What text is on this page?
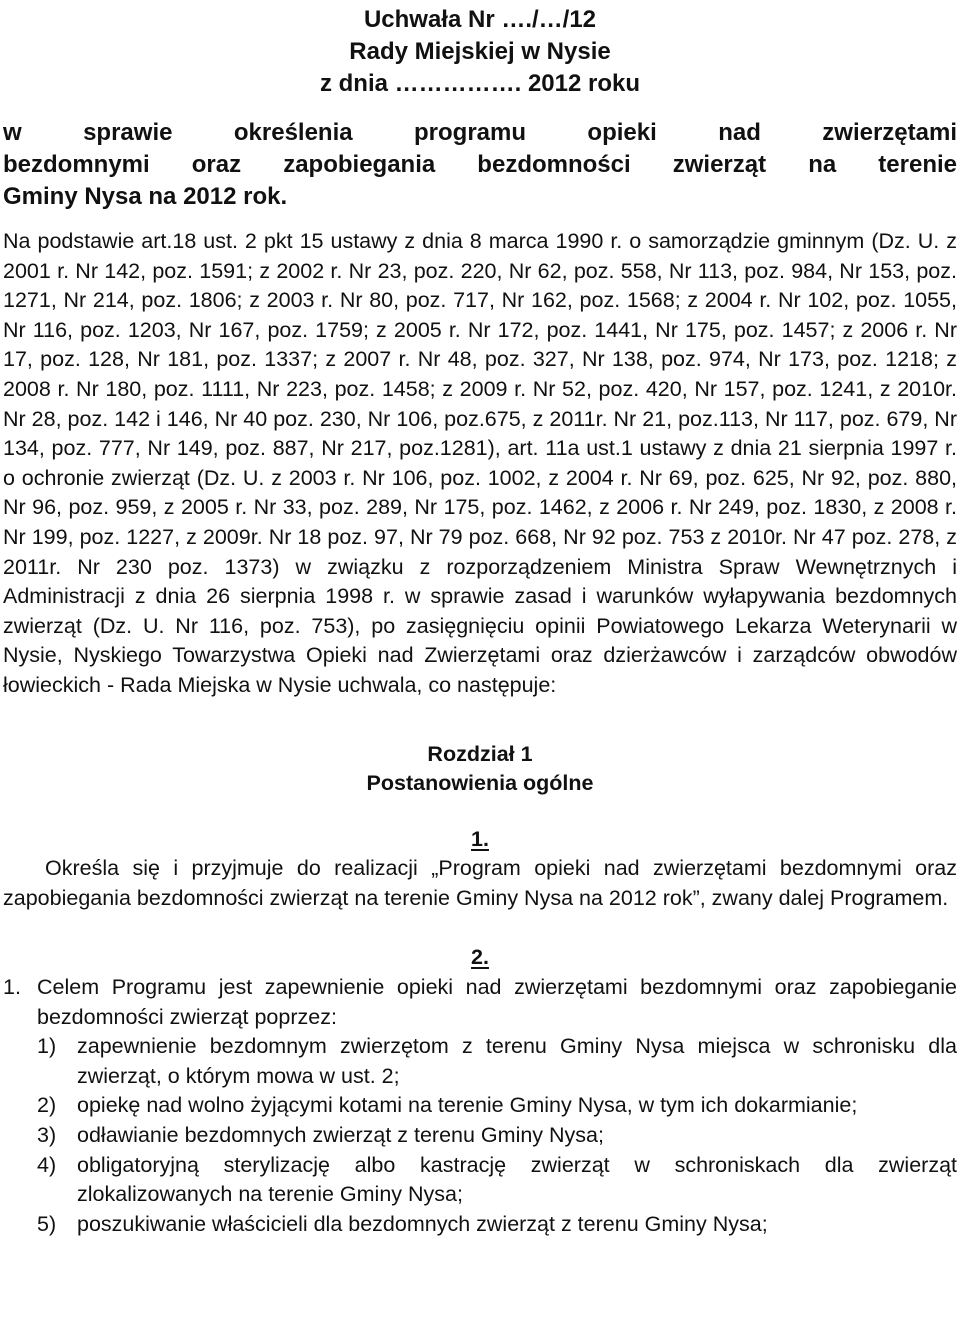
Uchwała Nr …./…/12
Rady Miejskiej w Nysie
z dnia ……………. 2012 roku
w sprawie określenia programu opieki nad zwierzętami
bezdomnymi oraz zapobiegania bezdomności zwierząt na terenie
Gminy Nysa na 2012 rok.
Na podstawie art.18 ust. 2 pkt 15 ustawy z dnia 8 marca 1990 r. o samorządzie gminnym (Dz. U. z 2001 r. Nr 142, poz. 1591; z 2002 r. Nr 23, poz. 220, Nr 62, poz. 558, Nr 113, poz. 984, Nr 153, poz. 1271, Nr 214, poz. 1806; z 2003 r. Nr 80, poz. 717, Nr 162, poz. 1568; z 2004 r. Nr 102, poz. 1055, Nr 116, poz. 1203, Nr 167, poz. 1759; z 2005 r. Nr 172, poz. 1441, Nr 175, poz. 1457; z 2006 r. Nr 17, poz. 128, Nr 181, poz. 1337; z 2007 r. Nr 48, poz. 327, Nr 138, poz. 974, Nr 173, poz. 1218; z 2008 r. Nr 180, poz. 1111, Nr 223, poz. 1458; z 2009 r. Nr 52, poz. 420, Nr 157, poz. 1241, z 2010r. Nr 28, poz. 142 i 146, Nr 40 poz. 230, Nr 106, poz.675, z 2011r. Nr 21, poz.113, Nr 117, poz. 679, Nr 134, poz. 777, Nr 149, poz. 887, Nr 217, poz.1281), art. 11a ust.1 ustawy z dnia 21 sierpnia 1997 r. o ochronie zwierząt (Dz. U. z 2003 r. Nr 106, poz. 1002, z 2004 r. Nr 69, poz. 625, Nr 92, poz. 880, Nr 96, poz. 959, z 2005 r. Nr 33, poz. 289, Nr 175, poz. 1462, z 2006 r. Nr 249, poz. 1830, z 2008 r. Nr 199, poz. 1227, z 2009r. Nr 18 poz. 97, Nr 79 poz. 668, Nr 92 poz. 753 z 2010r. Nr 47 poz. 278, z 2011r. Nr 230 poz. 1373) w związku z rozporządzeniem Ministra Spraw Wewnętrznych i Administracji z dnia 26 sierpnia 1998 r. w sprawie zasad i warunków wyłapywania bezdomnych zwierząt (Dz. U. Nr 116, poz. 753), po zasięgnięciu opinii Powiatowego Lekarza Weterynarii w Nysie, Nyskiego Towarzystwa Opieki nad Zwierzętami oraz dzierżawców i zarządców obwodów łowieckich - Rada Miejska w Nysie uchwala, co następuje:
Rozdział 1
Postanowienia ogólne
1.
Określa się i przyjmuje do realizacji „Program opieki nad zwierzętami bezdomnymi oraz zapobiegania bezdomności zwierząt na terenie Gminy Nysa na 2012 rok”, zwany dalej Programem.
2.
1. Celem Programu jest zapewnienie opieki nad zwierzętami bezdomnymi oraz zapobieganie bezdomności zwierząt poprzez:
1) zapewnienie bezdomnym zwierzętom z terenu Gminy Nysa miejsca w schronisku dla zwierząt, o którym mowa w ust. 2;
2) opiekę nad wolno żyjącymi kotami na terenie Gminy Nysa, w tym ich dokarmianie;
3) odławianie bezdomnych zwierząt z terenu Gminy Nysa;
4) obligatoryjną sterylizację albo kastrację zwierząt w schroniskach dla zwierząt zlokalizowanych na terenie Gminy Nysa;
5) poszukiwanie właścicieli dla bezdomnych zwierząt z terenu Gminy Nysa;
